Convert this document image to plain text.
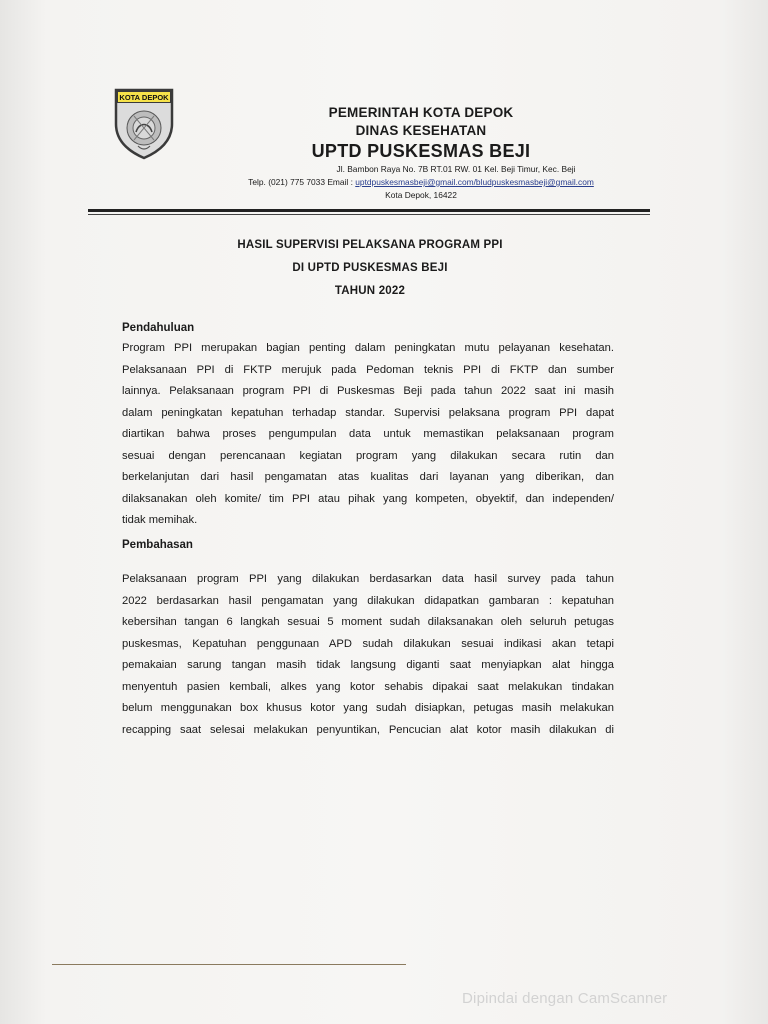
KOTA DEPOK
PEMERINTAH KOTA DEPOK
DINAS KESEHATAN
UPTD PUSKESMAS BEJI
Jl. Bambon Raya No. 7B RT.01 RW. 01 Kel. Beji Timur, Kec. Beji
Telp. (021) 775 7033 Email : uptdpuskesmasbeji@gmail.com/bludpuskesmasbeji@gmail.com
Kota Depok, 16422
HASIL SUPERVISI PELAKSANA PROGRAM PPI
DI UPTD PUSKESMAS BEJI
TAHUN 2022
Pendahuluan
Program PPI merupakan bagian penting dalam peningkatan mutu pelayanan kesehatan.
Pelaksanaan PPI di FKTP merujuk pada Pedoman teknis PPI di FKTP dan sumber
lainnya. Pelaksanaan program PPI di Puskesmas Beji pada tahun 2022 saat ini masih
dalam peningkatan kepatuhan terhadap standar. Supervisi pelaksana program PPI dapat
diartikan bahwa proses pengumpulan data untuk memastikan pelaksanaan program
sesuai dengan perencanaan kegiatan program yang dilakukan secara rutin dan
berkelanjutan dari hasil pengamatan atas kualitas dari layanan yang diberikan, dan
dilaksanakan oleh komite/ tim PPI atau pihak yang kompeten, obyektif, dan independen/
tidak memihak.
Pembahasan
Pelaksanaan program PPI yang dilakukan berdasarkan data hasil survey pada tahun
2022 berdasarkan hasil pengamatan yang dilakukan didapatkan gambaran : kepatuhan
kebersihan tangan 6 langkah sesuai 5 moment sudah dilaksanakan oleh seluruh petugas
puskesmas, Kepatuhan penggunaan APD sudah dilakukan sesuai indikasi akan tetapi
pemakaian sarung tangan masih tidak langsung diganti saat menyiapkan alat hingga
menyentuh pasien kembali, alkes yang kotor sehabis dipakai saat melakukan tindakan
belum menggunakan box khusus kotor yang sudah disiapkan, petugas masih melakukan
recapping saat selesai melakukan penyuntikan, Pencucian alat kotor masih dilakukan di
Dipindai dengan CamScanner
